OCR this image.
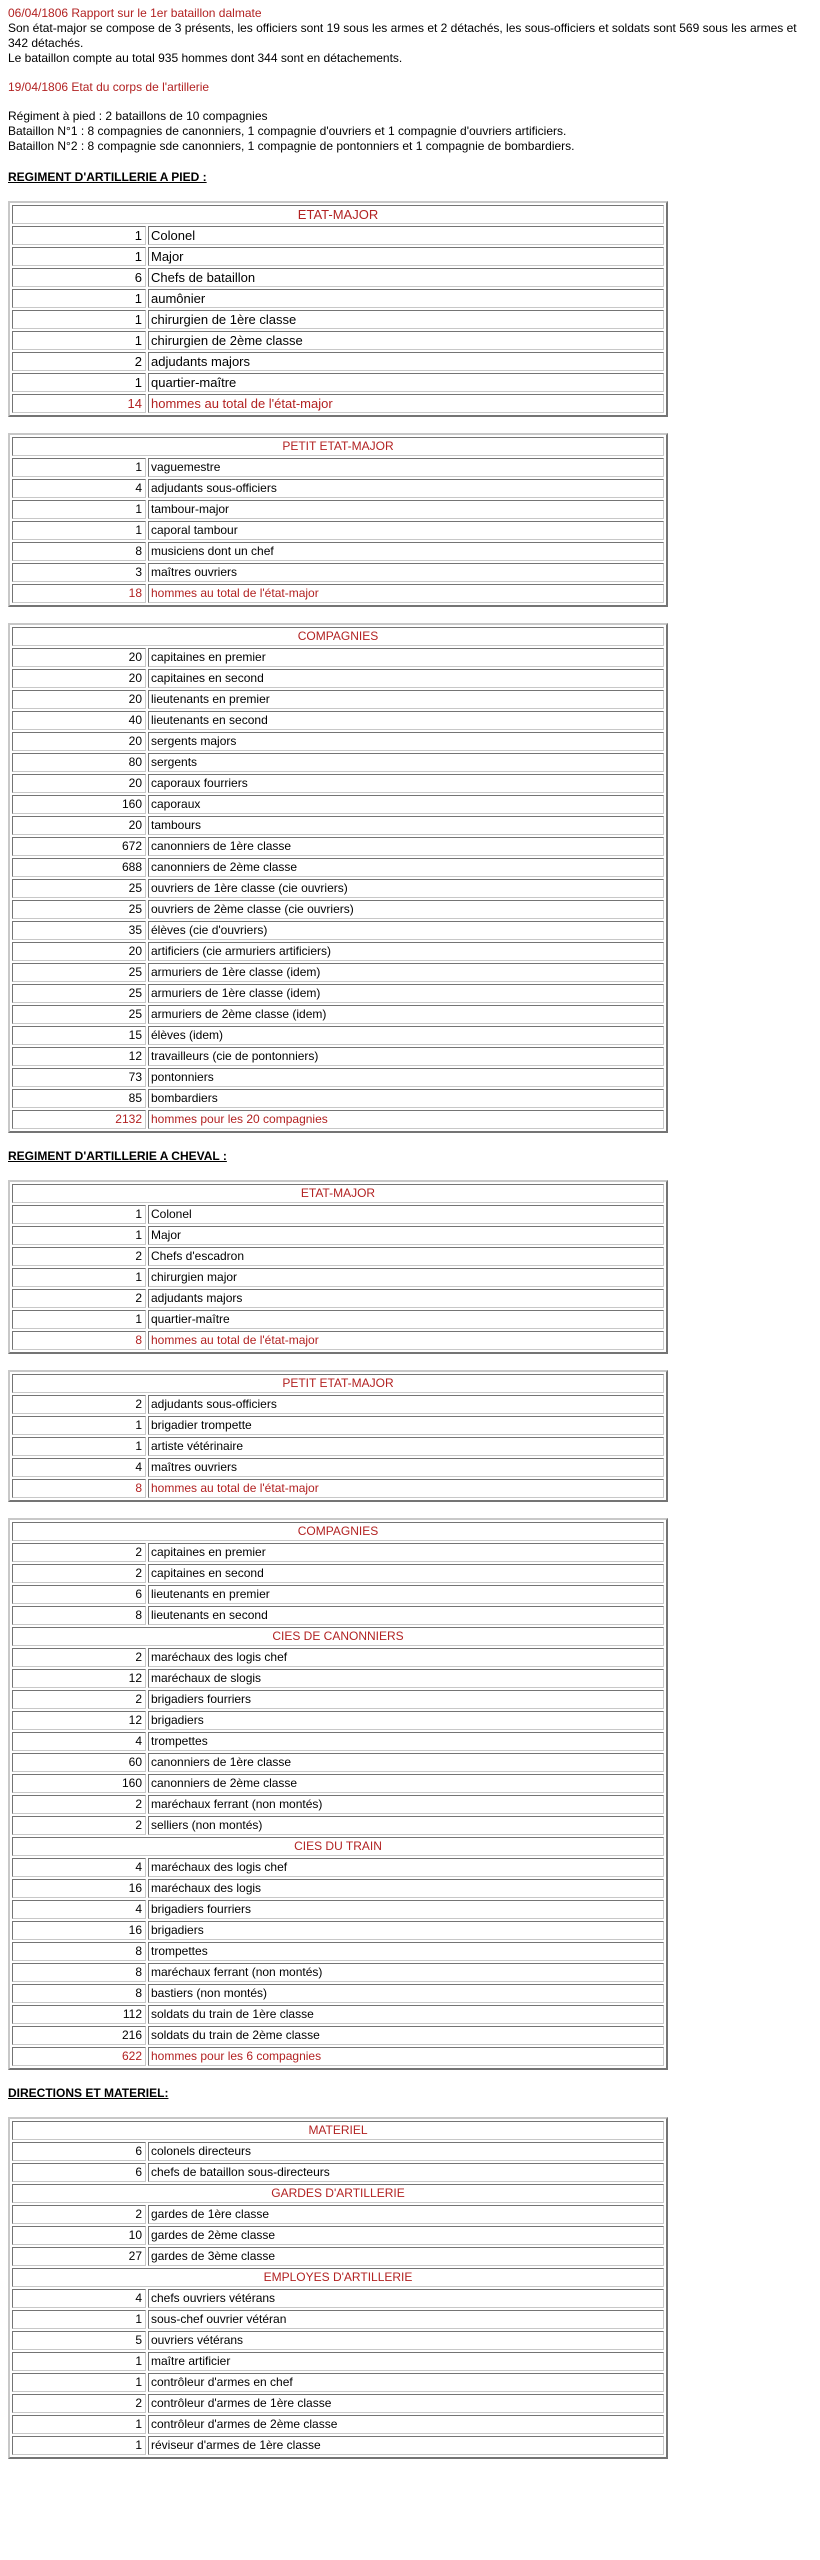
06/04/1806 Rapport sur le 1er bataillon dalmate

Son état-major se compose de 3 présents, les officiers sont 19 sous les armes et 2 détachés, les sous-officiers et soldats sont 569 sous les armes et 342 détachés.

Le bataillon compte au total 935 hommes dont 344 sont en détachements.

19/04/1806 Etat du corps de l'artillerie

Régiment à pied : 2 bataillons de 10 compagnies

Bataillon N°1 : 8 compagnies de canonniers, 1 compagnie d'ouvriers et 1 compagnie d'ouvriers artificiers.

Bataillon N°2 : 8 compagnie sde canonniers, 1 compagnie de pontonniers et 1 compagnie de bombardiers.

REGIMENT D'ARTILLERIE A PIED :

ETAT-MAJOR	
1	Colonel
1	Major
6	Chefs de bataillon
1	aumônier
1	chirurgien de 1ère classe
1	chirurgien de 2ème classe
2	adjudants majors
1	quartier-maître
14	hommes au total de l'état-major
PETIT ETAT-MAJOR	
1	vaguemestre
4	adjudants sous-officiers
1	tambour-major
1	caporal tambour
8	musiciens dont un chef
3	maîtres ouvriers
18	hommes au total de l'état-major
COMPAGNIES	
20	capitaines en premier
20	capitaines en second
20	lieutenants en premier
40	lieutenants en second
20	sergents majors
80	sergents
20	caporaux fourriers
160	caporaux
20	tambours
672	canonniers de 1ère classe
688	canonniers de 2ème classe
25	ouvriers de 1ère classe (cie ouvriers)
25	ouvriers de 2ème classe (cie ouvriers)
35	élèves (cie d'ouvriers)
20	artificiers (cie armuriers artificiers)
25	armuriers de 1ère classe (idem)
25	armuriers de 1ère classe (idem)
25	armuriers de 2ème classe (idem)
15	élèves (idem)
12	travailleurs (cie de pontonniers)
73	pontonniers
85	bombardiers
2132	hommes pour les 20 compagnies

REGIMENT D'ARTILLERIE A CHEVAL :

ETAT-MAJOR	
1	Colonel
1	Major
2	Chefs d'escadron
1	chirurgien major
2	adjudants majors
1	quartier-maître
8	hommes au total de l'état-major
PETIT ETAT-MAJOR	
2	adjudants sous-officiers
1	brigadier trompette
1	artiste vétérinaire
4	maîtres ouvriers
8	hommes au total de l'état-major
COMPAGNIES	
2	capitaines en premier
2	capitaines en second
6	lieutenants en premier
8	lieutenants en second
CIES DE CANONNIERS	
2	maréchaux des logis chef
12	maréchaux de slogis
2	brigadiers fourriers
12	brigadiers
4	trompettes
60	canonniers de 1ère classe
160	canonniers de 2ème classe
2	maréchaux ferrant (non montés)
2	selliers (non montés)
CIES DU TRAIN	
4	maréchaux des logis chef
16	maréchaux des logis
4	brigadiers fourriers
16	brigadiers
8	trompettes
8	maréchaux ferrant (non montés)
8	bastiers (non montés)
112	soldats du train de 1ère classe
216	soldats du train de 2ème classe
622	hommes pour les 6 compagnies

DIRECTIONS ET MATERIEL:

MATERIEL	
6	colonels directeurs
6	chefs de bataillon sous-directeurs
GARDES D'ARTILLERIE	
2	gardes de 1ère classe
10	gardes de 2ème classe
27	gardes de 3ème classe
EMPLOYES D'ARTILLERIE	
4	chefs ouvriers vétérans
1	sous-chef ouvrier vétéran
5	ouvriers vétérans
1	maître artificier
1	contrôleur d'armes en chef
2	contrôleur d'armes de 1ère classe
1	contrôleur d'armes de 2ème classe
1	réviseur d'armes de 1ère classe
